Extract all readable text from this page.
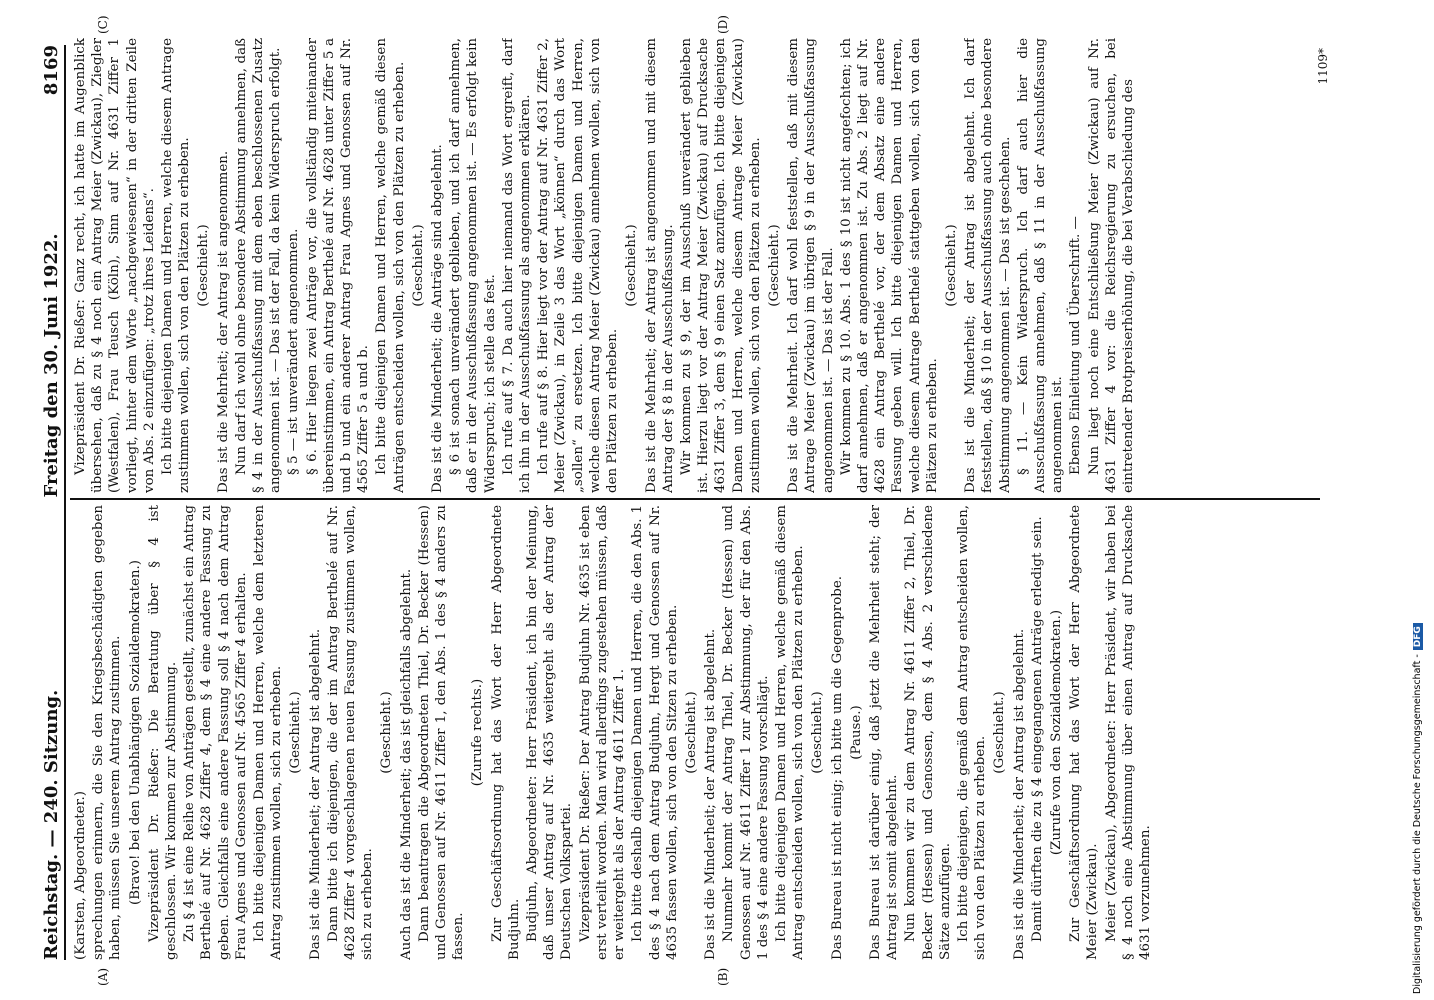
Reichstag. — 240. Sitzung.
Freitag den 30. Juni 1922.
8169
(A)	(B)
(C)	(D)

(Karsten, Abgeordneter.) sprechungen erinnern, die Sie den Kriegsbeschädigten gegeben haben, müssen Sie unserem Antrag zustimmen. (Bravo! bei den Unabhängigen Sozialdemokraten.) Vizepräsident Dr. Rießer: Die Beratung über § 4 ist geschlossen. Wir kommen zur Abstimmung. Zu § 4 ist eine Reihe von Anträgen gestellt, zunächst ein Antrag Berthelé auf Nr. 4628 Ziffer 4, dem § 4 eine andere Fassung zu geben. Gleichfalls eine andere Fassung soll § 4 nach dem Antrag Frau Agnes und Genossen auf Nr. 4565 Ziffer 4 erhalten. Ich bitte diejenigen Damen und Herren, welche dem letzteren Antrag zustimmen wollen, sich zu erheben. (Geschieht.) Das ist die Minderheit; der Antrag ist abgelehnt. Dann bitte ich diejenigen, die der im Antrag Berthelé auf Nr. 4628 Ziffer 4 vorgeschlagenen neuen Fassung zustimmen wollen, sich zu erheben.

(Geschieht.) Auch das ist die Minderheit; das ist gleichfalls abgelehnt. Dann beantragen die Abgeordneten Thiel, Dr. Becker (Hessen) und Genossen auf Nr. 4611 Ziffer 1, den Abs. 1 des § 4 anders zu fassen.

(Zurufe rechts.) Zur Geschäftsordnung hat das Wort der Herr Abgeordnete Budjuhn. Budjuhn, Abgeordneter: Herr Präsident, ich bin der Meinung, daß unser Antrag auf Nr. 4635 weitergeht als der Antrag der Deutschen Volkspartei. Vizepräsident Dr. Rießer: Der Antrag Budjuhn Nr. 4635 ist eben erst verteilt worden. Man wird allerdings zugestehen müssen, daß er weitergeht als der Antrag 4611 Ziffer 1. Ich bitte deshalb diejenigen Damen und Herren, die den Abs. 1 des § 4 nach dem Antrag Budjuhn, Hergt und Genossen auf Nr. 4635 fassen wollen, sich von den Sitzen zu erheben. (Geschieht.) Das ist die Minderheit; der Antrag ist abgelehnt. Nunmehr kommt der Antrag Thiel, Dr. Becker (Hessen) und Genossen auf Nr. 4611 Ziffer 1 zur Abstimmung, der für den Abs. 1 des § 4 eine andere Fassung vorschlägt. Ich bitte diejenigen Damen und Herren, welche gemäß diesem Antrag entscheiden wollen, sich von den Plätzen zu erheben. (Geschieht.) Das Bureau ist nicht einig; ich bitte um die Gegenprobe. (Pause.) Das Bureau ist darüber einig, daß jetzt die Mehrheit steht; der Antrag ist somit abgelehnt. Nun kommen wir zu dem Antrag Nr. 4611 Ziffer 2, Thiel, Dr. Becker (Hessen) und Genossen, dem § 4 Abs. 2 verschiedene Sätze anzufügen. Ich bitte diejenigen, die gemäß dem Antrag entscheiden wollen, sich von den Plätzen zu erheben.

(Geschieht.) Das ist die Minderheit; der Antrag ist abgelehnt. Damit dürften die zu § 4 eingegangenen Anträge erledigt sein. (Zurufe von den Sozialdemokraten.) Zur Geschäftsordnung hat das Wort der Herr Abgeordnete Meier (Zwickau). Meier (Zwickau), Abgeordneter: Herr Präsident, wir haben bei § 4 noch eine Abstimmung über einen Antrag auf Drucksache 4631 vorzunehmen.

Vizepräsident Dr. Rießer: Ganz recht, ich hatte im Augenblick übersehen, daß zu § 4 noch ein Antrag Meier (Zwickau), Ziegler (Westfalen), Frau Teusch (Köln), Sinn auf Nr. 4631 Ziffer 1 vorliegt, hinter dem Worte „nachgewiesenen“ in der dritten Zeile von Abs. 2 einzufügen: „trotz ihres Leidens“. Ich bitte diejenigen Damen und Herren, welche diesem Antrage zustimmen wollen, sich von den Plätzen zu erheben. (Geschieht.) Das ist die Mehrheit; der Antrag ist angenommen. Nun darf ich wohl ohne besondere Abstimmung annehmen, daß § 4 in der Ausschußfassung mit dem eben beschlossenen Zusatz angenommen ist. — Das ist der Fall, da kein Widerspruch erfolgt. § 5 — ist unverändert angenommen. § 6. Hier liegen zwei Anträge vor, die vollständig miteinander übereinstimmen, ein Antrag Berthelé auf Nr. 4628 unter Ziffer 5 a und b und ein anderer Antrag Frau Agnes und Genossen auf Nr. 4565 Ziffer 5 a und b. Ich bitte diejenigen Damen und Herren, welche gemäß diesen Anträgen entscheiden wollen, sich von den Plätzen zu erheben. (Geschieht.) Das ist die Minderheit; die Anträge sind abgelehnt. § 6 ist sonach unverändert geblieben, und ich darf annehmen, daß er in der Ausschußfassung angenommen ist. — Es erfolgt kein Widerspruch; ich stelle das fest. Ich rufe auf § 7. Da auch hier niemand das Wort ergreift, darf ich ihn in der Ausschußfassung als angenommen erklären. Ich rufe auf § 8. Hier liegt vor der Antrag auf Nr. 4631 Ziffer 2, Meier (Zwickau), in Zeile 3 das Wort „können“ durch das Wort „sollen“ zu ersetzen. Ich bitte diejenigen Damen und Herren, welche diesen Antrag Meier (Zwickau) annehmen wollen, sich von den Plätzen zu erheben.

(Geschieht.) Das ist die Mehrheit; der Antrag ist angenommen und mit diesem Antrag der § 8 in der Ausschußfassung. Wir kommen zu § 9, der im Ausschuß unverändert geblieben ist. Hierzu liegt vor der Antrag Meier (Zwickau) auf Drucksache 4631 Ziffer 3, dem § 9 einen Satz anzufügen. Ich bitte diejenigen Damen und Herren, welche diesem Antrage Meier (Zwickau) zustimmen wollen, sich von den Plätzen zu erheben. (Geschieht.) Das ist die Mehrheit. Ich darf wohl feststellen, daß mit diesem Antrage Meier (Zwickau) im übrigen § 9 in der Ausschußfassung angenommen ist. — Das ist der Fall. Wir kommen zu § 10. Abs. 1 des § 10 ist nicht angefochten; ich darf annehmen, daß er angenommen ist. Zu Abs. 2 liegt auf Nr. 4628 ein Antrag Berthelé vor, der dem Absatz eine andere Fassung geben will. Ich bitte diejenigen Damen und Herren, welche diesem Antrage Berthelé stattgeben wollen, sich von den Plätzen zu erheben.

(Geschieht.) Das ist die Minderheit; der Antrag ist abgelehnt. Ich darf feststellen, daß § 10 in der Ausschußfassung auch ohne besondere Abstimmung angenommen ist. — Das ist geschehen. § 11. — Kein Widerspruch. Ich darf auch hier die Ausschußfassung annehmen, daß § 11 in der Ausschußfassung angenommen ist. Ebenso Einleitung und Überschrift. — Nun liegt noch eine Entschließung Meier (Zwickau) auf Nr. 4631 Ziffer 4 vor: die Reichsregierung zu ersuchen, bei eintretender Brotpreiserhöhung, die bei Verabschiedung des

1109*
Digitalisierung gefördert durch die Deutsche Forschungsgemeinschaft -DFG
